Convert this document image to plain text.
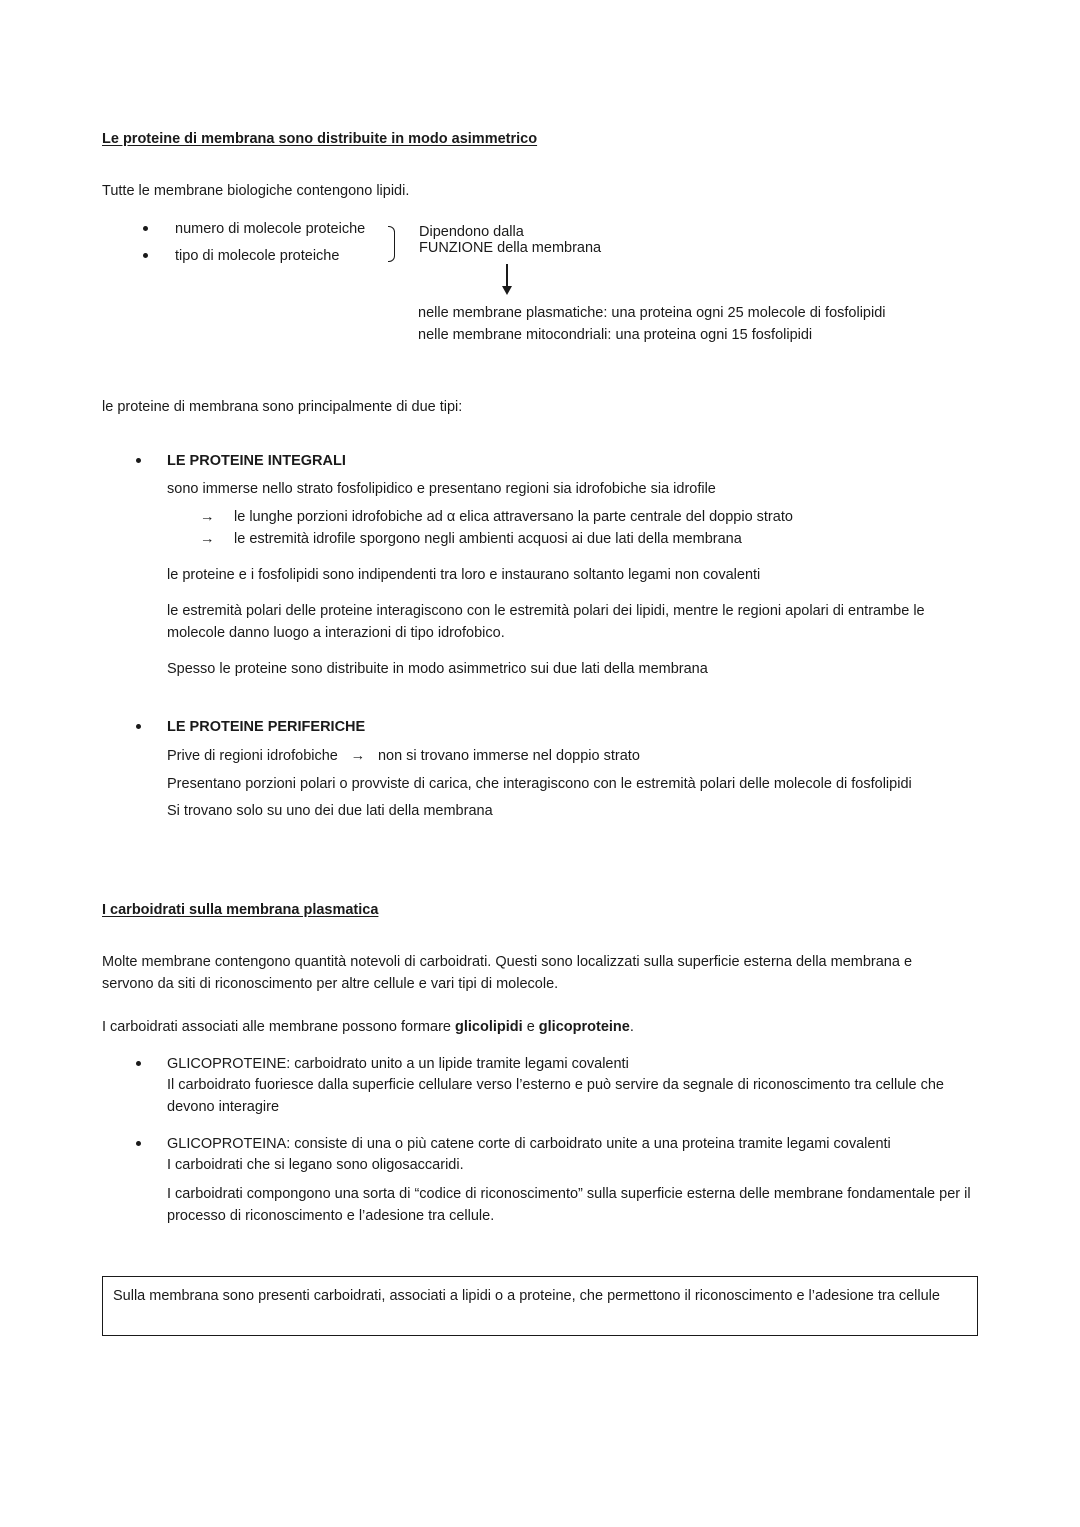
Le proteine di membrana sono distribuite in modo asimmetrico
Tutte le membrane biologiche contengono lipidi.
numero di molecole proteiche
tipo di molecole proteiche
Dipendono dalla
FUNZIONE della membrana
nelle membrane plasmatiche: una proteina ogni 25 molecole di fosfolipidi
nelle membrane mitocondriali: una proteina ogni 15 fosfolipidi
le proteine di membrana sono principalmente di due tipi:
LE PROTEINE INTEGRALI
sono immerse nello strato fosfolipidico e presentano regioni sia idrofobiche sia idrofile
→ le lunghe porzioni idrofobiche ad α elica attraversano la parte centrale del doppio strato
→ le estremità idrofile sporgono negli ambienti acquosi ai due lati della membrana
le proteine e i fosfolipidi sono indipendenti tra loro e instaurano soltanto legami non covalenti
le estremità polari delle proteine interagiscono con le estremità polari dei lipidi, mentre le regioni apolari di entrambe le molecole danno luogo a interazioni di tipo idrofobico.
Spesso le proteine sono distribuite in modo asimmetrico sui due lati della membrana
LE PROTEINE PERIFERICHE
Prive di regioni idrofobiche → non si trovano immerse nel doppio strato
Presentano porzioni polari o provviste di carica, che interagiscono con le estremità polari delle molecole di fosfolipidi
Si trovano solo su uno dei due lati della membrana
I carboidrati sulla membrana plasmatica
Molte membrane contengono quantità notevoli di carboidrati. Questi sono localizzati sulla superficie esterna della membrana e servono da siti di riconoscimento per altre cellule e vari tipi di molecole.
I carboidrati associati alle membrane possono formare glicolipidi e glicoproteine.
GLICOPROTEINE: carboidrato unito a un lipide tramite legami covalenti
Il carboidrato fuoriesce dalla superficie cellulare verso l’esterno e può servire da segnale di riconoscimento tra cellule che devono interagire
GLICOPROTEINA: consiste di una o più catene corte di carboidrato unite a una proteina tramite legami covalenti
I carboidrati che si legano sono oligosaccaridi.
I carboidrati compongono una sorta di “codice di riconoscimento” sulla superficie esterna delle membrane fondamentale per il processo di riconoscimento e l’adesione tra cellule.
Sulla membrana sono presenti carboidrati, associati a lipidi o a proteine, che permettono il riconoscimento e l’adesione tra cellule
